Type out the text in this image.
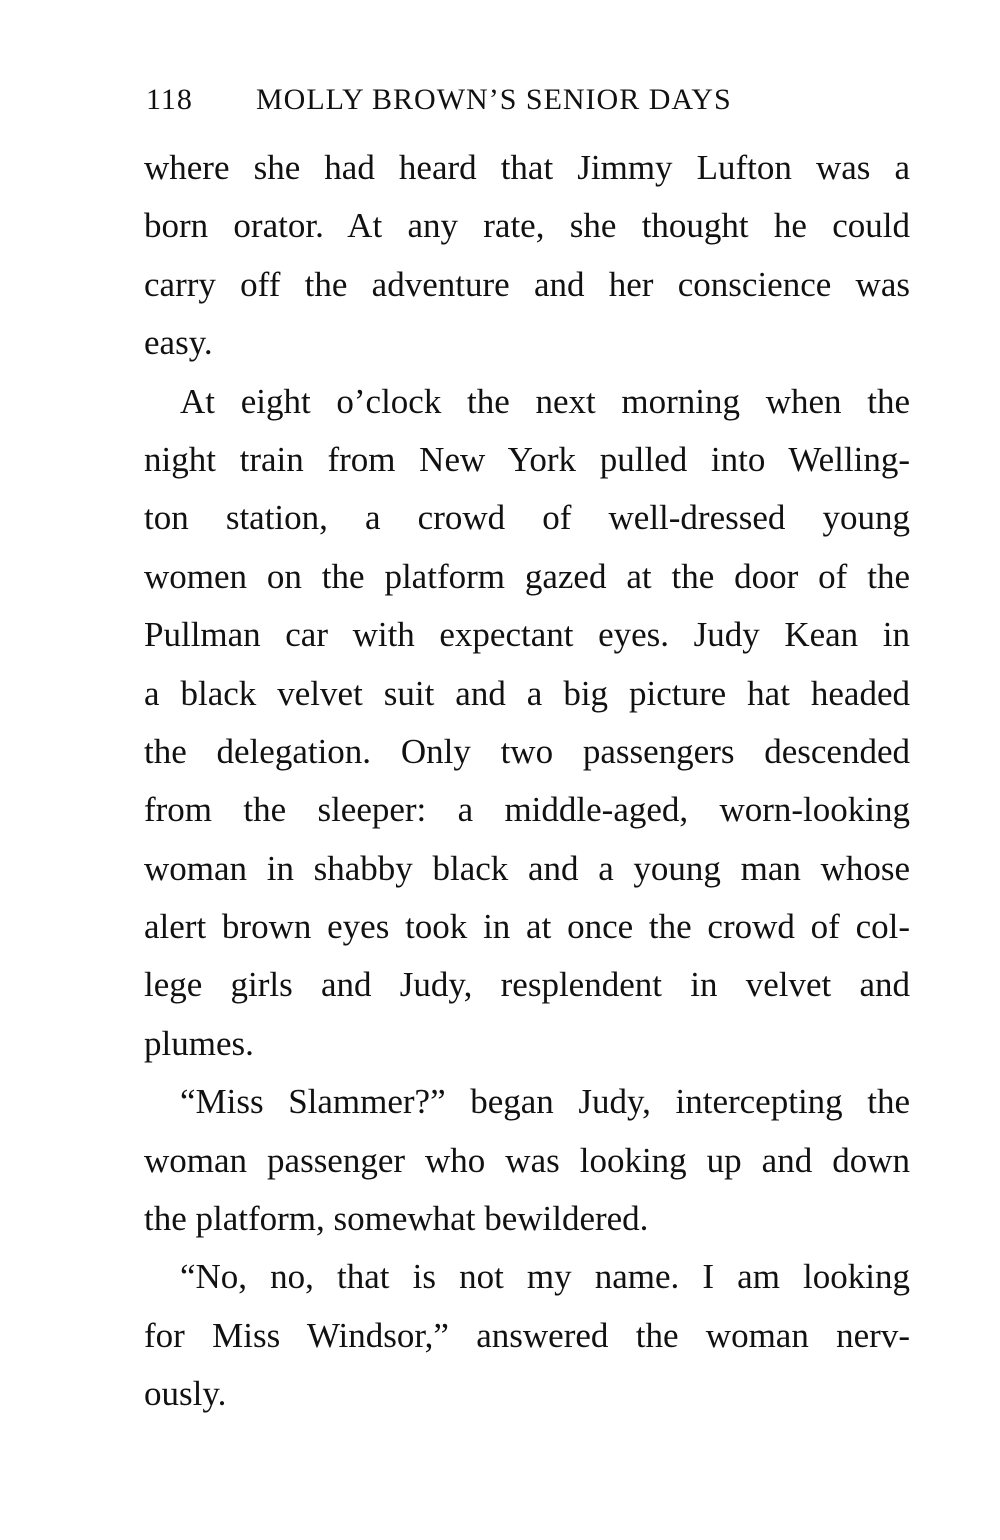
118 MOLLY BROWN’S SENIOR DAYS
where she had heard that Jimmy Lufton was a
born orator. At any rate, she thought he could
carry off the adventure and her conscience was
easy.
At eight o’clock the next morning when the
night train from New York pulled into Welling-
ton station, a crowd of well-dressed young
women on the platform gazed at the door of the
Pullman car with expectant eyes. Judy Kean in
a black velvet suit and a big picture hat headed
the delegation. Only two passengers descended
from the sleeper: a middle-aged, worn-looking
woman in shabby black and a young man whose
alert brown eyes took in at once the crowd of col-
lege girls and Judy, resplendent in velvet and
plumes.
“Miss Slammer?” began Judy, intercepting the
woman passenger who was looking up and down
the platform, somewhat bewildered.
“No, no, that is not my name. I am looking
for Miss Windsor,” answered the woman nerv-
ously.
